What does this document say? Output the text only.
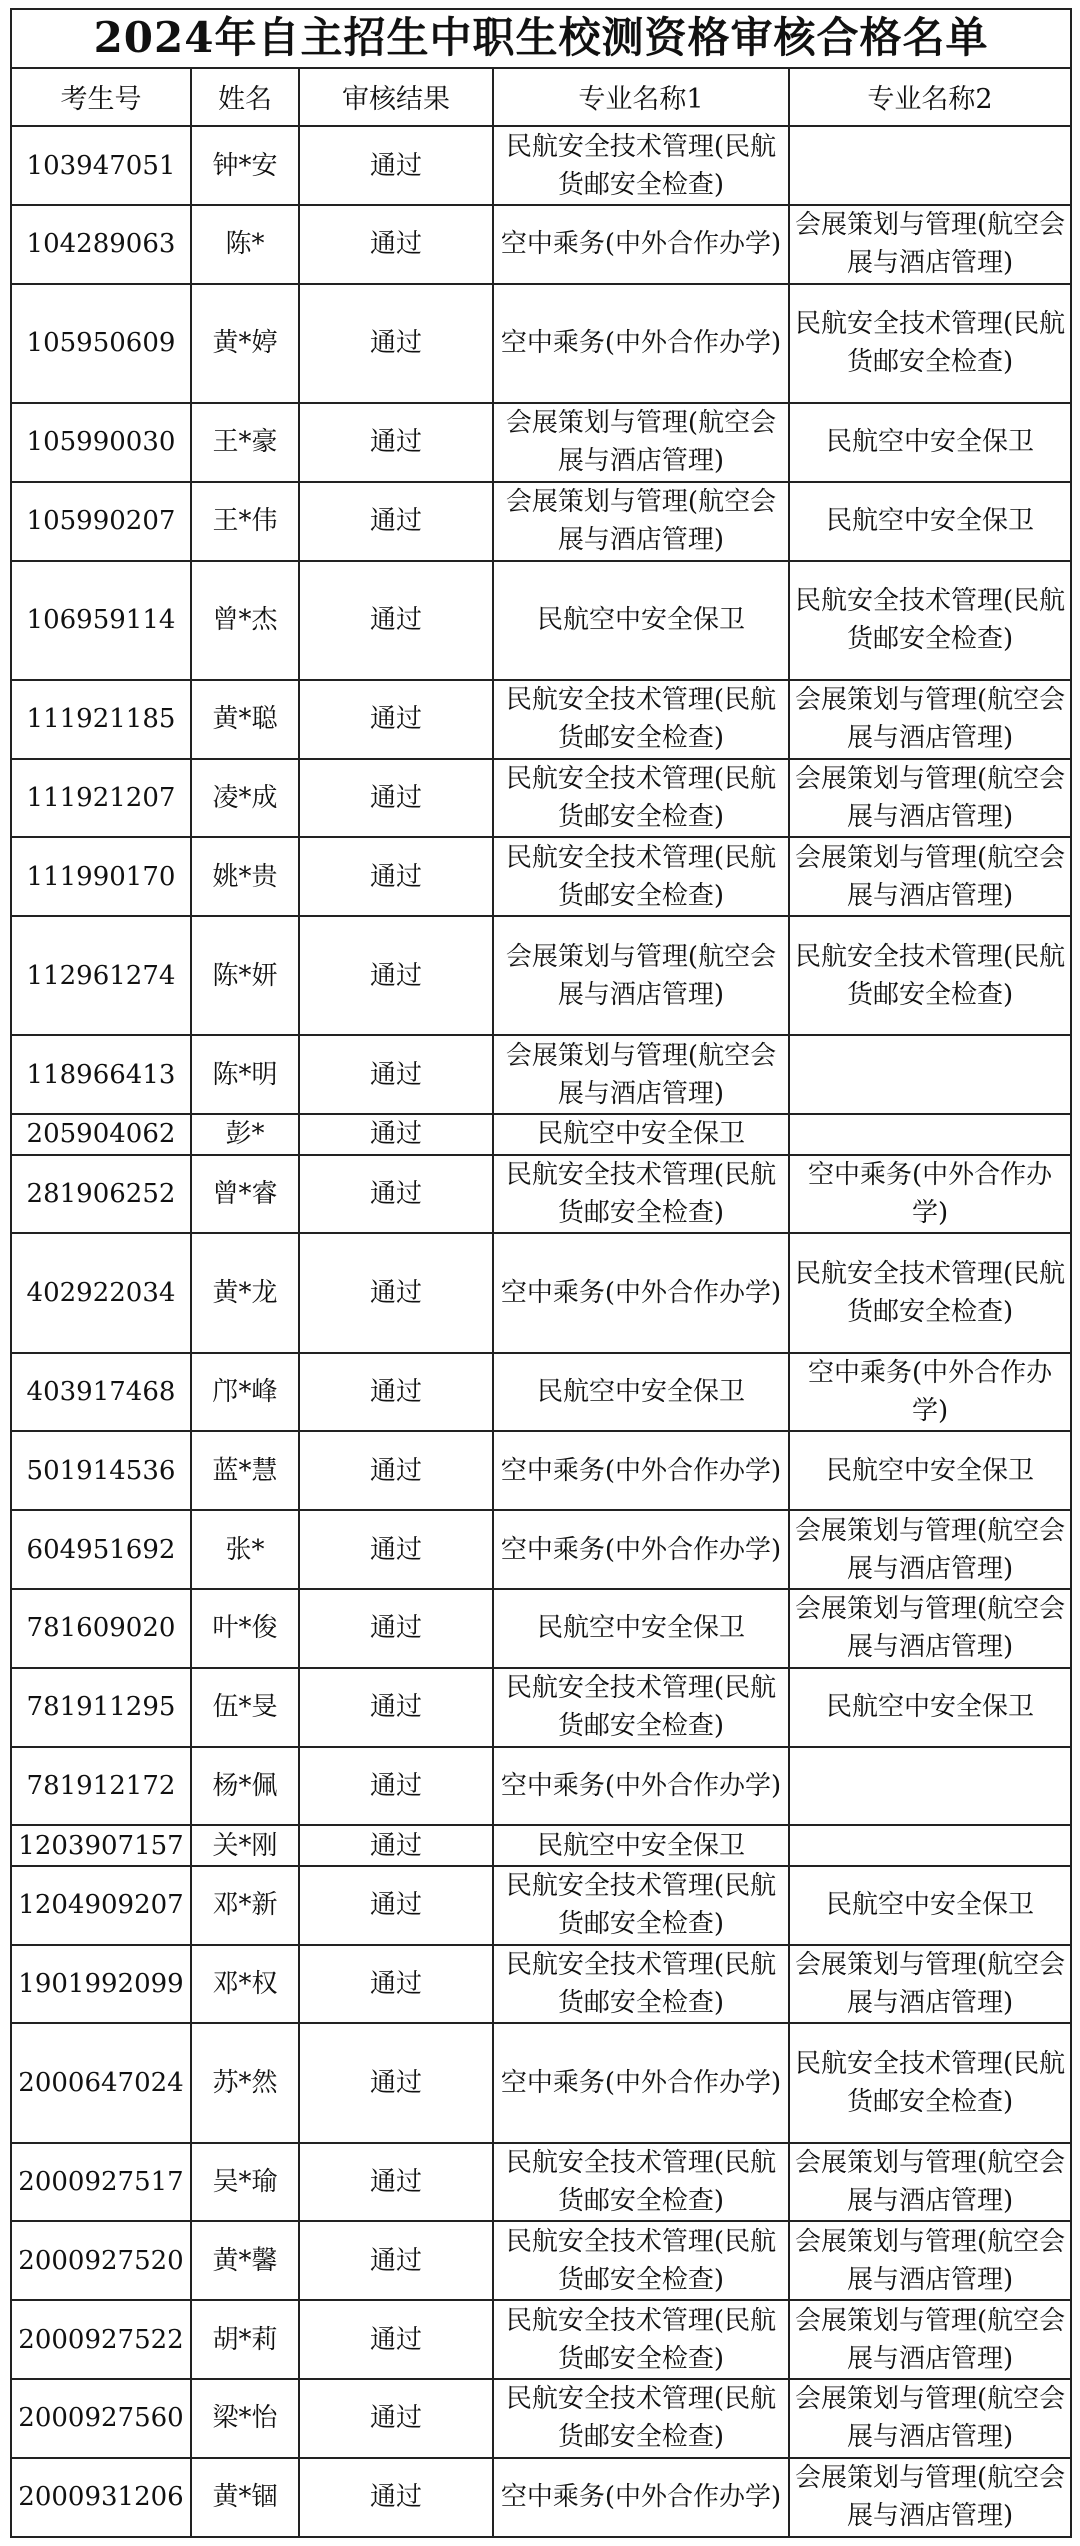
2024年自主招生中职生校测资格审核合格名单				
考生号	姓名	审核结果	专业名称1	专业名称2
103947051	钟*安	通过	民航安全技术管理(民航货邮安全检查)	
104289063	陈*	通过	空中乘务(中外合作办学)	会展策划与管理(航空会展与酒店管理)
105950609	黄*婷	通过	空中乘务(中外合作办学)	民航安全技术管理(民航货邮安全检查)
105990030	王*豪	通过	会展策划与管理(航空会展与酒店管理)	民航空中安全保卫
105990207	王*伟	通过	会展策划与管理(航空会展与酒店管理)	民航空中安全保卫
106959114	曾*杰	通过	民航空中安全保卫	民航安全技术管理(民航货邮安全检查)
111921185	黄*聪	通过	民航安全技术管理(民航货邮安全检查)	会展策划与管理(航空会展与酒店管理)
111921207	凌*成	通过	民航安全技术管理(民航货邮安全检查)	会展策划与管理(航空会展与酒店管理)
111990170	姚*贵	通过	民航安全技术管理(民航货邮安全检查)	会展策划与管理(航空会展与酒店管理)
112961274	陈*妍	通过	会展策划与管理(航空会展与酒店管理)	民航安全技术管理(民航货邮安全检查)
118966413	陈*明	通过	会展策划与管理(航空会展与酒店管理)	
205904062	彭*	通过	民航空中安全保卫	
281906252	曾*睿	通过	民航安全技术管理(民航货邮安全检查)	空中乘务(中外合作办学)
402922034	黄*龙	通过	空中乘务(中外合作办学)	民航安全技术管理(民航货邮安全检查)
403917468	邝*峰	通过	民航空中安全保卫	空中乘务(中外合作办学)
501914536	蓝*慧	通过	空中乘务(中外合作办学)	民航空中安全保卫
604951692	张*	通过	空中乘务(中外合作办学)	会展策划与管理(航空会展与酒店管理)
781609020	叶*俊	通过	民航空中安全保卫	会展策划与管理(航空会展与酒店管理)
781911295	伍*旻	通过	民航安全技术管理(民航货邮安全检查)	民航空中安全保卫
781912172	杨*佩	通过	空中乘务(中外合作办学)	
1203907157	关*刚	通过	民航空中安全保卫	
1204909207	邓*新	通过	民航安全技术管理(民航货邮安全检查)	民航空中安全保卫
1901992099	邓*权	通过	民航安全技术管理(民航货邮安全检查)	会展策划与管理(航空会展与酒店管理)
2000647024	苏*然	通过	空中乘务(中外合作办学)	民航安全技术管理(民航货邮安全检查)
2000927517	吴*瑜	通过	民航安全技术管理(民航货邮安全检查)	会展策划与管理(航空会展与酒店管理)
2000927520	黄*馨	通过	民航安全技术管理(民航货邮安全检查)	会展策划与管理(航空会展与酒店管理)
2000927522	胡*莉	通过	民航安全技术管理(民航货邮安全检查)	会展策划与管理(航空会展与酒店管理)
2000927560	梁*怡	通过	民航安全技术管理(民航货邮安全检查)	会展策划与管理(航空会展与酒店管理)
2000931206	黄*锢	通过	空中乘务(中外合作办学)	会展策划与管理(航空会展与酒店管理)
